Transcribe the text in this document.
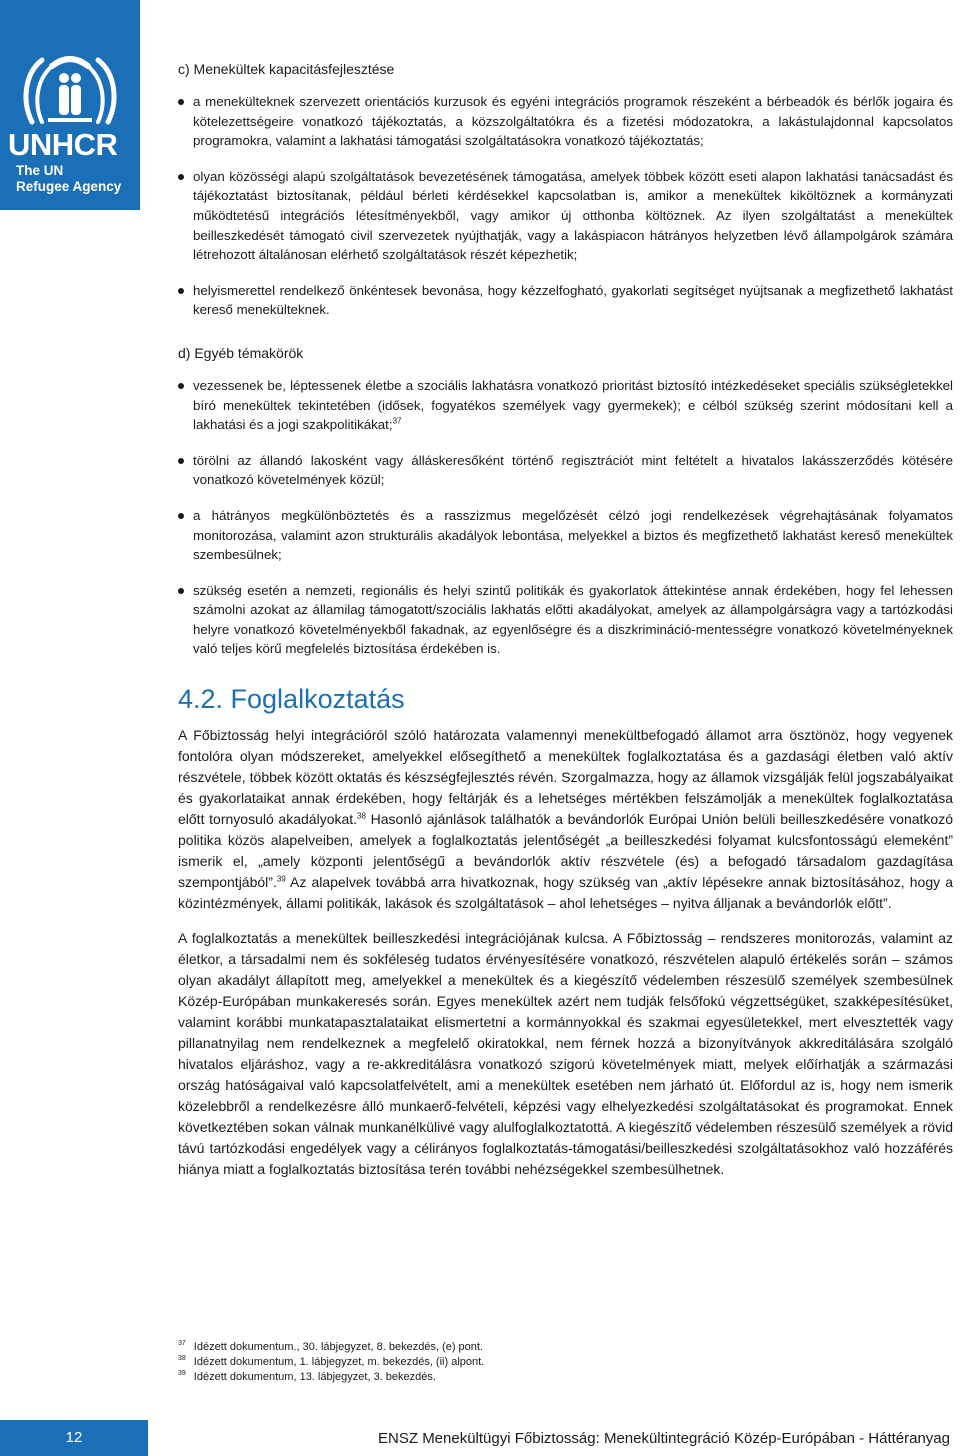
UNHCR
The UN
Refugee Agency
c) Menekültek kapacitásfejlesztése
a menekülteknek szervezett orientációs kurzusok és egyéni integrációs programok részeként a bérbeadók és bérlők jogaira és kötelezettségeire vonatkozó tájékoztatás, a közszolgáltatókra és a fizetési módozatokra, a lakástulajdonnal kapcsolatos programokra, valamint a lakhatási támogatási szolgáltatásokra vonatkozó tájékoztatás;
olyan közösségi alapú szolgáltatások bevezetésének támogatása, amelyek többek között eseti alapon lakhatási tanácsadást és tájékoztatást biztosítanak, például bérleti kérdésekkel kapcsolatban is, amikor a menekültek kiköltöznek a kormányzati működtetésű integrációs létesítményekből, vagy amikor új otthonba költöznek. Az ilyen szolgáltatást a menekültek beilleszkedését támogató civil szervezetek nyújthatják, vagy a lakáspiacon hátrányos helyzetben lévő állampolgárok számára létrehozott általánosan elérhető szolgáltatások részét képezhetik;
helyismerettel rendelkező önkéntesek bevonása, hogy kézzelfogható, gyakorlati segítséget nyújtsanak a megfizethető lakhatást kereső menekülteknek.
d) Egyéb témakörök
vezessenek be, léptessenek életbe a szociális lakhatásra vonatkozó prioritást biztosító intézkedéseket speciális szükségletekkel bíró menekültek tekintetében (idősek, fogyatékos személyek vagy gyermekek); e célból szükség szerint módosítani kell a lakhatási és a jogi szakpolitikákat;$^{37}$
törölni az állandó lakosként vagy álláskeresőként történő regisztrációt mint feltételt a hivatalos lakásszerződés kötésére vonatkozó követelmények közül;
a hátrányos megkülönböztetés és a rasszizmus megelőzését célzó jogi rendelkezések végrehajtásának folyamatos monitorozása, valamint azon strukturális akadályok lebontása, melyekkel a biztos és megfizethető lakhatást kereső menekültek szembesülnek;
szükség esetén a nemzeti, regionális és helyi szintű politikák és gyakorlatok áttekintése annak érdekében, hogy fel lehessen számolni azokat az államilag támogatott/szociális lakhatás előtti akadályokat, amelyek az állampolgárságra vagy a tartózkodási helyre vonatkozó követelményekből fakadnak, az egyenlőségre és a diszkrimináció-mentességre vonatkozó követelményeknek való teljes körű megfelelés biztosítása érdekében is.
4.2. Foglalkoztatás

A Főbiztosság helyi integrációról szóló határozata valamennyi menekültbefogadó államot arra ösztönöz, hogy vegyenek fontolóra olyan módszereket, amelyekkel elősegíthető a menekültek foglalkoztatása és a gazdasági életben való aktív részvétele, többek között oktatás és készségfejlesztés révén. Szorgalmazza, hogy az államok vizsgálják felül jogszabályaikat és gyakorlataikat annak érdekében, hogy feltárják és a lehetséges mértékben felszámolják a menekültek foglalkoztatása előtt tornyosuló akadályokat.$^{38}$ Hasonló ajánlások találhatók a bevándorlók Európai Unión belüli beilleszkedésére vonatkozó politika közös alapelveiben, amelyek a foglalkoztatás jelentőségét „a beilleszkedési folyamat kulcsfontosságú elemeként” ismerik el, „amely központi jelentőségű a bevándorlók aktív részvétele (és) a befogadó társadalom gazdagítása szempontjából”.$^{39}$ Az alapelvek továbbá arra hivatkoznak, hogy szükség van „aktív lépésekre annak biztosításához, hogy a közintézmények, állami politikák, lakások és szolgáltatások – ahol lehetséges – nyitva álljanak a bevándorlók előtt”.

A foglalkoztatás a menekültek beilleszkedési integrációjának kulcsa. A Főbiztosság – rendszeres monitorozás, valamint az életkor, a társadalmi nem és sokféleség tudatos érvényesítésére vonatkozó, részvételen alapuló értékelés során – számos olyan akadályt állapított meg, amelyekkel a menekültek és a kiegészítő védelemben részesülő személyek szembesülnek Közép-Európában munkakeresés során. Egyes menekültek azért nem tudják felsőfokú végzettségüket, szakképesítésüket, valamint korábbi munkatapasztalataikat elismertetni a kormánnyokkal és szakmai egyesületekkel, mert elvesztették vagy pillanatnyilag nem rendelkeznek a megfelelő okiratokkal, nem férnek hozzá a bizonyítványok akkreditálására szolgáló hivatalos eljáráshoz, vagy a re-akkreditálásra vonatkozó szigorú követelmények miatt, melyek előírhatják a származási ország hatóságaival való kapcsolatfelvételt, ami a menekültek esetében nem járható út. Előfordul az is, hogy nem ismerik közelebbről a rendelkezésre álló munkaerő-felvételi, képzési vagy elhelyezkedési szolgáltatásokat és programokat. Ennek következtében sokan válnak munkanélkülivé vagy alulfoglalkoztatottá. A kiegészítő védelemben részesülő személyek a rövid távú tartózkodási engedélyek vagy a célirányos foglalkoztatás-támogatási/beilleszkedési szolgáltatásokhoz való hozzáférés hiánya miatt a foglalkoztatás biztosítása terén további nehézségekkel szembesülhetnek.

$^{37}$ Idézett dokumentum., 30. lábjegyzet, 8. bekezdés, (e) pont.
$^{38}$ Idézett dokumentum, 1. lábjegyzet, m. bekezdés, (ii) alpont.
$^{39}$ Idézett dokumentum, 13. lábjegyzet, 3. bekezdés.
12	ENSZ Menekültügyi Főbiztosság: Menekültintegráció Közép-Európában - Háttéranyag
